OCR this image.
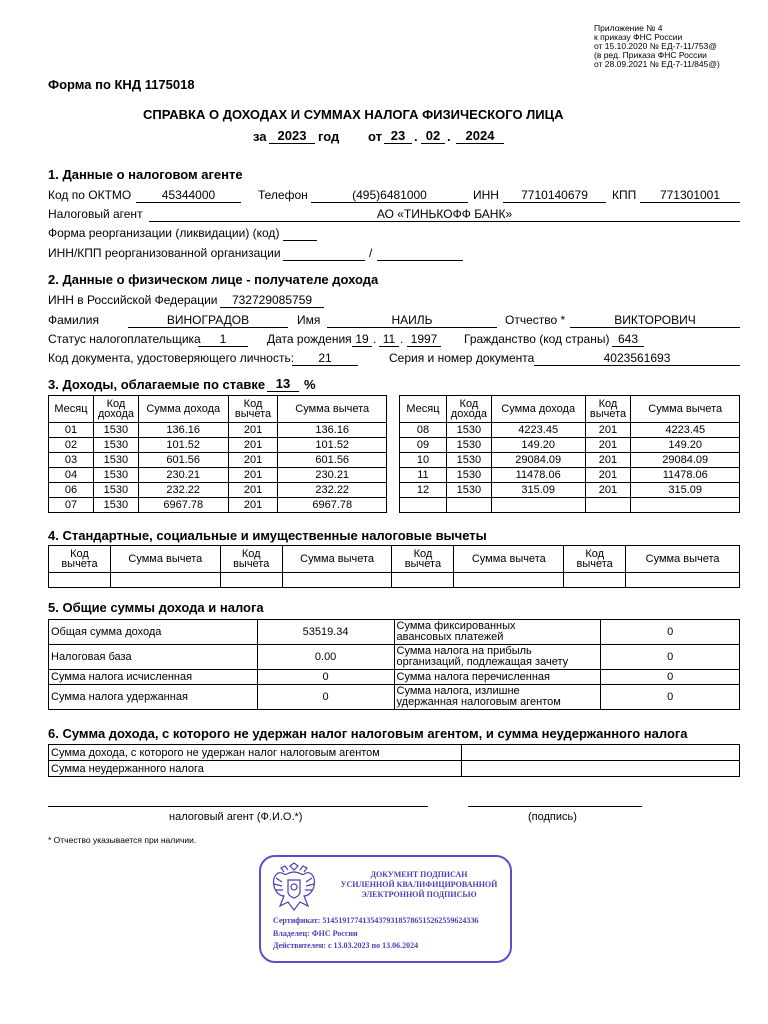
Приложение № 4
к приказу ФНС России
от 15.10.2020 № ЕД-7-11/753@
(в ред. Приказа ФНС России
от 28.09.2021 № ЕД-7-11/845@)
Форма по КНД 1175018
СПРАВКА О ДОХОДАХ И СУММАХ НАЛОГА ФИЗИЧЕСКОГО ЛИЦА
за 2023 год от 23 . 02 .	2024
1. Данные о налоговом агенте
Код по ОКТМО	45344000	Телефон	(495)6481000	ИНН	7710140679	КПП	771301001
Налоговый агент	АО «ТИНЬКОФФ БАНК»
Форма реорганизации (ликвидации) (код)
ИНН/КПП реорганизованной организации	/
2. Данные о физическом лице - получателе дохода
ИНН в Российской Федерации	732729085759
Фамилия	ВИНОГРАДОВ	Имя	НАИЛЬ	Отчество *	ВИКТОРОВИЧ
Статус налогоплательщика	1	Дата рождения 19 . 11 . 1997	Гражданство (код страны) 643
Код документа, удостоверяющего личность:	21	Серия и номер документа	4023561693
3. Доходы, облагаемые по ставке 13	%
Месяц	Код
дохода	Сумма дохода	Код
вычета	Сумма вычета
01	1530	136.16	201	136.16
02	1530	101.52	201	101.52
03	1530	601.56	201	601.56
04	1530	230.21	201	230.21
06	1530	232.22	201	232.22
07	1530	6967.78	201	6967.78
Месяц	Код
дохода	Сумма дохода	Код
вычета	Сумма вычета
08	1530	4223.45	201	4223.45
09	1530	149.20	201	149.20
10	1530	29084.09	201	29084.09
11	1530	11478.06	201	11478.06
12	1530	315.09	201	315.09

4. Стандартные, социальные и имущественные налоговые вычеты
Код
вычета	Сумма вычета	Код
вычета	Сумма вычета	Код
вычета	Сумма вычета	Код
вычета	Сумма вычета

5. Общие суммы дохода и налога
Общая сумма дохода	53519.34	Сумма фиксированных
авансовых платежей	0
Налоговая база	0.00	Сумма налога на прибыль
организаций, подлежащая зачету	0
Сумма налога исчисленная	0	Сумма налога перечисленная	0
Сумма налога удержанная	0	Сумма налога, излишне
удержанная налоговым агентом	0
6. Сумма дохода, с которого не удержан налог налоговым агентом, и сумма неудержанного налога
Сумма дохода, с которого не удержан налог налоговым агентом	
Сумма неудержанного налога	
налоговый агент (Ф.И.О.*)	(подпись)
* Отчество указывается при наличии.
ДОКУМЕНТ ПОДПИСАН
УСИЛЕННОЙ КВАЛИФИЦИРОВАННОЙ
ЭЛЕКТРОННОЙ ПОДПИСЬЮ
Сертификат: 5145191774135437931857865152625596243З6
Владелец: ФНС России
Действителен: с 13.03.2023 по 13.06.2024
